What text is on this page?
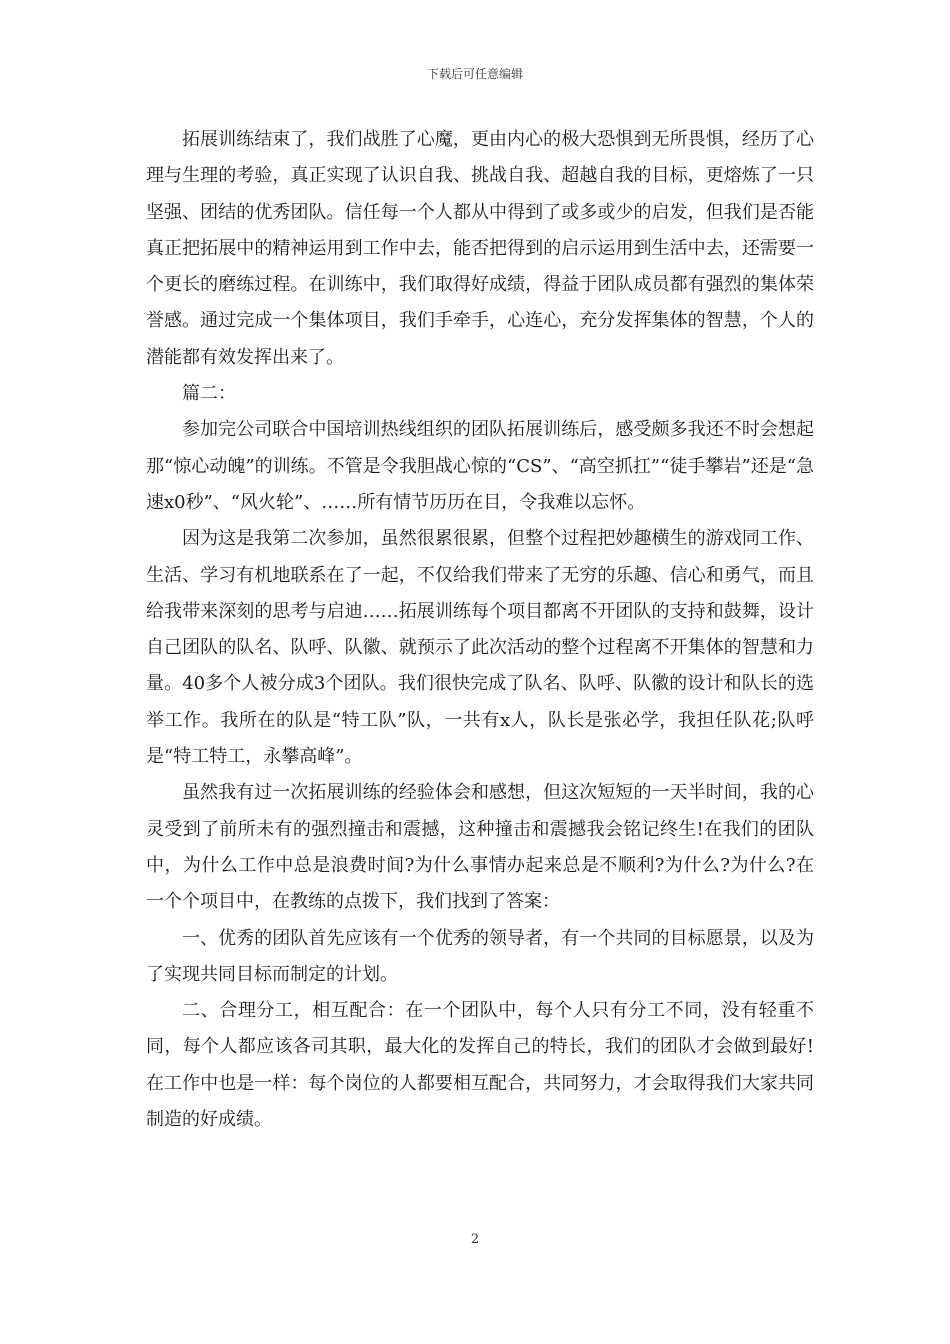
下载后可任意编辑

拓展训练结束了，我们战胜了心魔，更由内心的极大恐惧到无所畏惧，经历了心理与生理的考验，真正实现了认识自我、挑战自我、超越自我的目标，更熔炼了一只坚强、团结的优秀团队。信任每一个人都从中得到了或多或少的启发，但我们是否能真正把拓展中的精神运用到工作中去，能否把得到的启示运用到生活中去，还需要一个更长的磨练过程。在训练中，我们取得好成绩，得益于团队成员都有强烈的集体荣誉感。通过完成一个集体项目，我们手牵手，心连心，充分发挥集体的智慧，个人的潜能都有效发挥出来了。

篇二：

参加完公司联合中国培训热线组织的团队拓展训练后，感受颇多我还不时会想起那“惊心动魄”的训练。不管是令我胆战心惊的“CS”、“高空抓扛”“徒手攀岩”还是“急速x0秒”、“风火轮”、……所有情节历历在目，令我难以忘怀。

因为这是我第二次参加，虽然很累很累，但整个过程把妙趣横生的游戏同工作、生活、学习有机地联系在了一起，不仅给我们带来了无穷的乐趣、信心和勇气，而且给我带来深刻的思考与启迪……拓展训练每个项目都离不开团队的支持和鼓舞，设计自己团队的队名、队呼、队徽、就预示了此次活动的整个过程离不开集体的智慧和力量。40多个人被分成3个团队。我们很快完成了队名、队呼、队徽的设计和队长的选举工作。我所在的队是“特工队”队，一共有x人，队长是张必学，我担任队花;队呼是“特工特工，永攀高峰”。

虽然我有过一次拓展训练的经验体会和感想，但这次短短的一天半时间，我的心灵受到了前所未有的强烈撞击和震撼，这种撞击和震撼我会铭记终生!在我们的团队中，为什么工作中总是浪费时间?为什么事情办起来总是不顺利?为什么?为什么?在一个个项目中，在教练的点拨下，我们找到了答案：

一、优秀的团队首先应该有一个优秀的领导者，有一个共同的目标愿景，以及为了实现共同目标而制定的计划。

二、合理分工，相互配合：在一个团队中，每个人只有分工不同，没有轻重不同，每个人都应该各司其职，最大化的发挥自己的特长，我们的团队才会做到最好!在工作中也是一样：每个岗位的人都要相互配合，共同努力，才会取得我们大家共同制造的好成绩。

2
